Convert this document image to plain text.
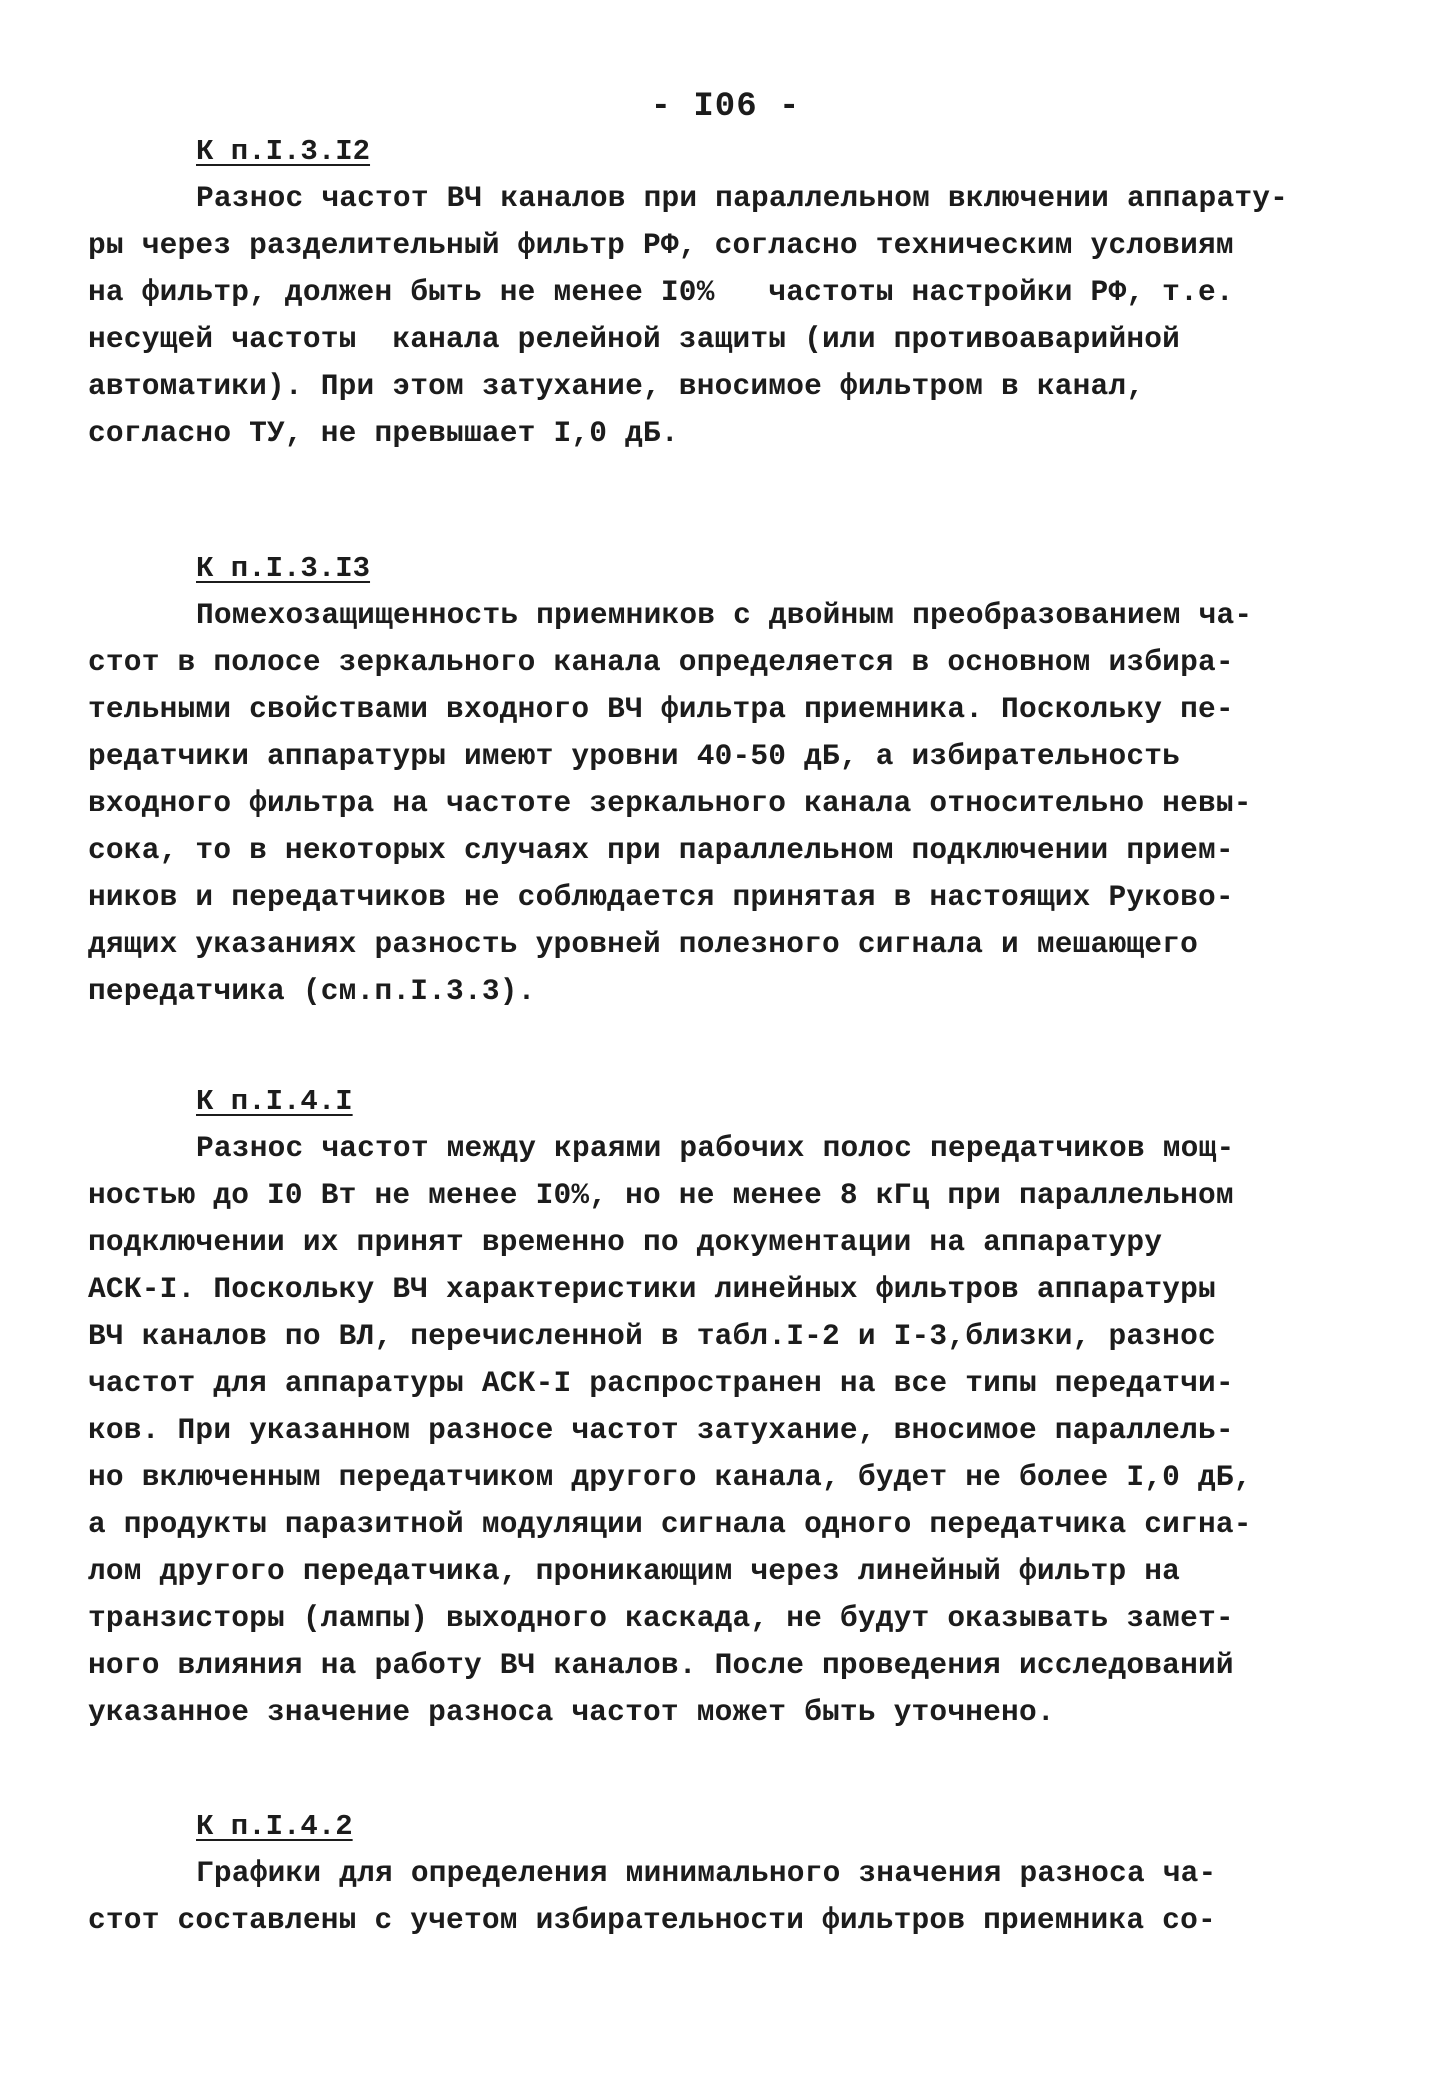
- I06 -
К п.I.3.I2
Разнос частот ВЧ каналов при параллельном включении аппарату-
ры через разделительный фильтр РФ, согласно техническим условиям
на фильтр, должен быть не менее I0%   частоты настройки РФ, т.е.
несущей частоты  канала релейной защиты (или противоаварийной
автоматики). При этом затухание, вносимое фильтром в канал,
согласно ТУ, не превышает I,0 дБ.
К п.I.3.I3
Помехозащищенность приемников с двойным преобразованием ча-
стот в полосе зеркального канала определяется в основном избира-
тельными свойствами входного ВЧ фильтра приемника. Поскольку пе-
редатчики аппаратуры имеют уровни 40-50 дБ, а избирательность
входного фильтра на частоте зеркального канала относительно невы-
сока, то в некоторых случаях при параллельном подключении прием-
ников и передатчиков не соблюдается принятая в настоящих Руково-
дящих указаниях разность уровней полезного сигнала и мешающего
передатчика (см.п.I.3.3).
К п.I.4.I
Разнос частот между краями рабочих полос передатчиков мощ-
ностью до I0 Вт не менее I0%, но не менее 8 кГц при параллельном
подключении их принят временно по документации на аппаратуру
АСК-I. Поскольку ВЧ характеристики линейных фильтров аппаратуры
ВЧ каналов по ВЛ, перечисленной в табл.I-2 и I-3,близки, разнос
частот для аппаратуры АСК-I распространен на все типы передатчи-
ков. При указанном разносе частот затухание, вносимое параллель-
но включенным передатчиком другого канала, будет не более I,0 дБ,
а продукты паразитной модуляции сигнала одного передатчика сигна-
лом другого передатчика, проникающим через линейный фильтр на
транзисторы (лампы) выходного каскада, не будут оказывать замет-
ного влияния на работу ВЧ каналов. После проведения исследований
указанное значение разноса частот может быть уточнено.
К п.I.4.2
Графики для определения минимального значения разноса ча-
стот составлены с учетом избирательности фильтров приемника со-
